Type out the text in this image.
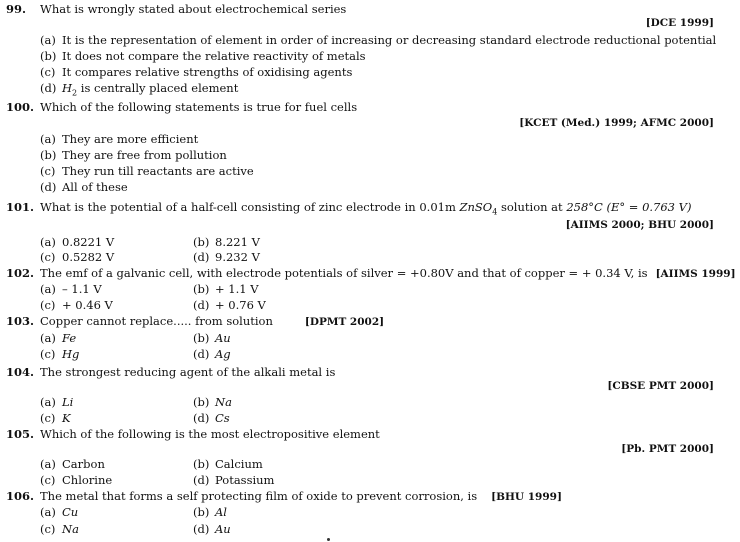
99. What is wrongly stated about electrochemical series
[DCE 1999]
(a) It is the representation of element in order of increasing or decreasing standard electrode reductional potential
(b) It does not compare the relative reactivity of metals
(c) It compares relative strengths of oxidising agents
(d) $H_2$ is centrally placed element
100. Which of the following statements is true for fuel cells
[KCET (Med.) 1999; AFMC 2000]
(a) They are more efficient
(b) They are free from pollution
(c) They run till reactants are active
(d) All of these
101. What is the potential of a half-cell consisting of zinc electrode in 0.01m ZnSO$_4$ solution at 258°C (E° = 0.763 V)
[AIIMS 2000; BHU 2000]
(a) 0.8221 V	(b) 8.221 V
(c) 0.5282 V	(d) 9.232 V
102. The emf of a galvanic cell, with electrode potentials of silver = +0.80V and that of copper = + 0.34 V, is [AIIMS 1999]
(a) – 1.1 V	(b) + 1.1 V
(c) + 0.46 V	(d) + 0.76 V
103. Copper cannot replace..... from solution	[DPMT 2002]
(a) Fe	(b) Au
(c) Hg	(d) Ag
104. The strongest reducing agent of the alkali metal is
[CBSE PMT 2000]
(a) Li	(b) Na
(c) K	(d) Cs
105. Which of the following is the most electropositive element
[Pb. PMT 2000]
(a) Carbon	(b) Calcium
(c) Chlorine	(d) Potassium
106. The metal that forms a self protecting film of oxide to prevent corrosion, is [BHU 1999]
(a) Cu	(b) Al
(c) Na	(d) Au
